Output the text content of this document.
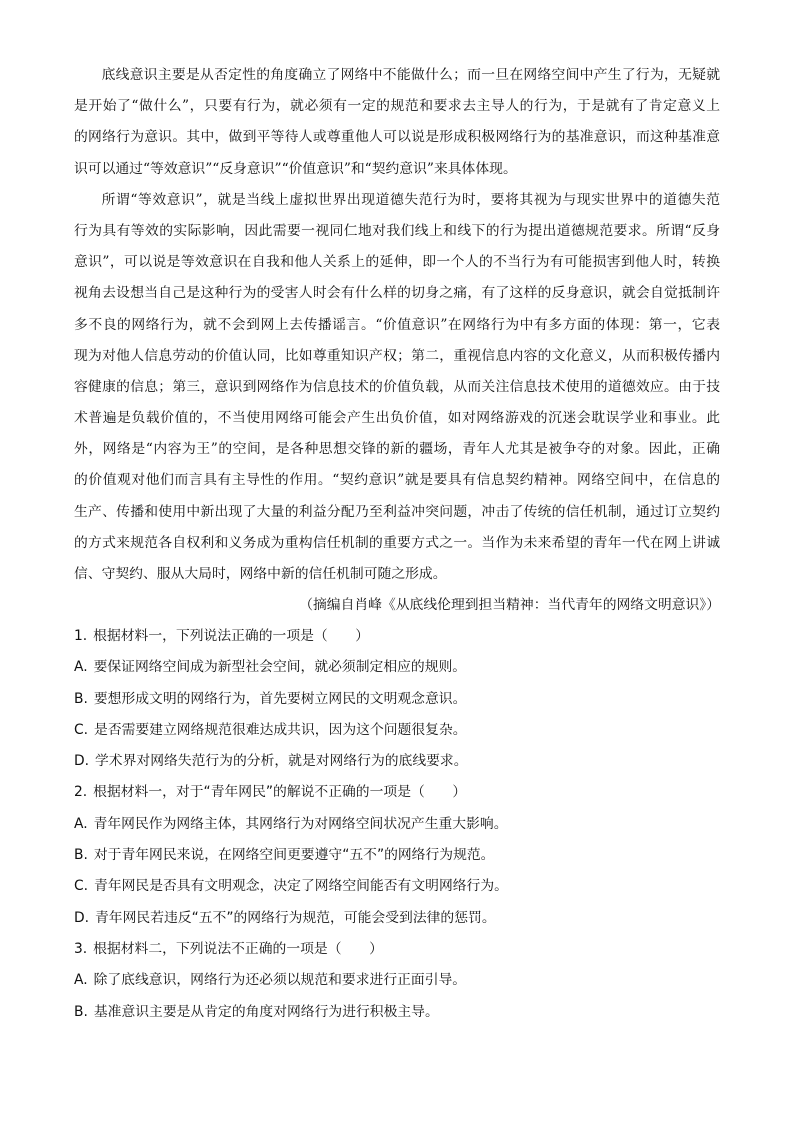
底线意识主要是从否定性的角度确立了网络中不能做什么；而一旦在网络空间中产生了行为，无疑就
是开始了“做什么”，只要有行为，就必须有一定的规范和要求去主导人的行为，于是就有了肯定意义上
的网络行为意识。其中，做到平等待人或尊重他人可以说是形成积极网络行为的基准意识，而这种基准意
识可以通过“等效意识”“反身意识”“价值意识”和“契约意识”来具体体现。
所谓“等效意识”，就是当线上虚拟世界出现道德失范行为时，要将其视为与现实世界中的道德失范
行为具有等效的实际影响，因此需要一视同仁地对我们线上和线下的行为提出道德规范要求。所谓“反身
意识”，可以说是等效意识在自我和他人关系上的延伸，即一个人的不当行为有可能损害到他人时，转换
视角去设想当自己是这种行为的受害人时会有什么样的切身之痛，有了这样的反身意识，就会自觉抵制许
多不良的网络行为，就不会到网上去传播谣言。“价值意识”在网络行为中有多方面的体现：第一，它表
现为对他人信息劳动的价值认同，比如尊重知识产权；第二，重视信息内容的文化意义，从而积极传播内
容健康的信息；第三，意识到网络作为信息技术的价值负载，从而关注信息技术使用的道德效应。由于技
术普遍是负载价值的，不当使用网络可能会产生出负价值，如对网络游戏的沉迷会耽误学业和事业。此
外，网络是“内容为王”的空间，是各种思想交锋的新的疆场，青年人尤其是被争夺的对象。因此，正确
的价值观对他们而言具有主导性的作用。“契约意识”就是要具有信息契约精神。网络空间中，在信息的
生产、传播和使用中新出现了大量的利益分配乃至利益冲突问题，冲击了传统的信任机制，通过订立契约
的方式来规范各自权利和义务成为重构信任机制的重要方式之一。当作为未来希望的青年一代在网上讲诚
信、守契约、服从大局时，网络中新的信任机制可随之形成。
（摘编自肖峰《从底线伦理到担当精神：当代青年的网络文明意识》）
1. 根据材料一，下列说法正确的一项是（　　）
A. 要保证网络空间成为新型社会空间，就必须制定相应的规则。
B. 要想形成文明的网络行为，首先要树立网民的文明观念意识。
C. 是否需要建立网络规范很难达成共识，因为这个问题很复杂。
D. 学术界对网络失范行为的分析，就是对网络行为的底线要求。
2. 根据材料一，对于“青年网民”的解说不正确的一项是（　　）
A. 青年网民作为网络主体，其网络行为对网络空间状况产生重大影响。
B. 对于青年网民来说，在网络空间更要遵守“五不”的网络行为规范。
C. 青年网民是否具有文明观念，决定了网络空间能否有文明网络行为。
D. 青年网民若违反“五不”的网络行为规范，可能会受到法律的惩罚。
3. 根据材料二，下列说法不正确的一项是（　　）
A. 除了底线意识，网络行为还必须以规范和要求进行正面引导。
B. 基准意识主要是从肯定的角度对网络行为进行积极主导。
